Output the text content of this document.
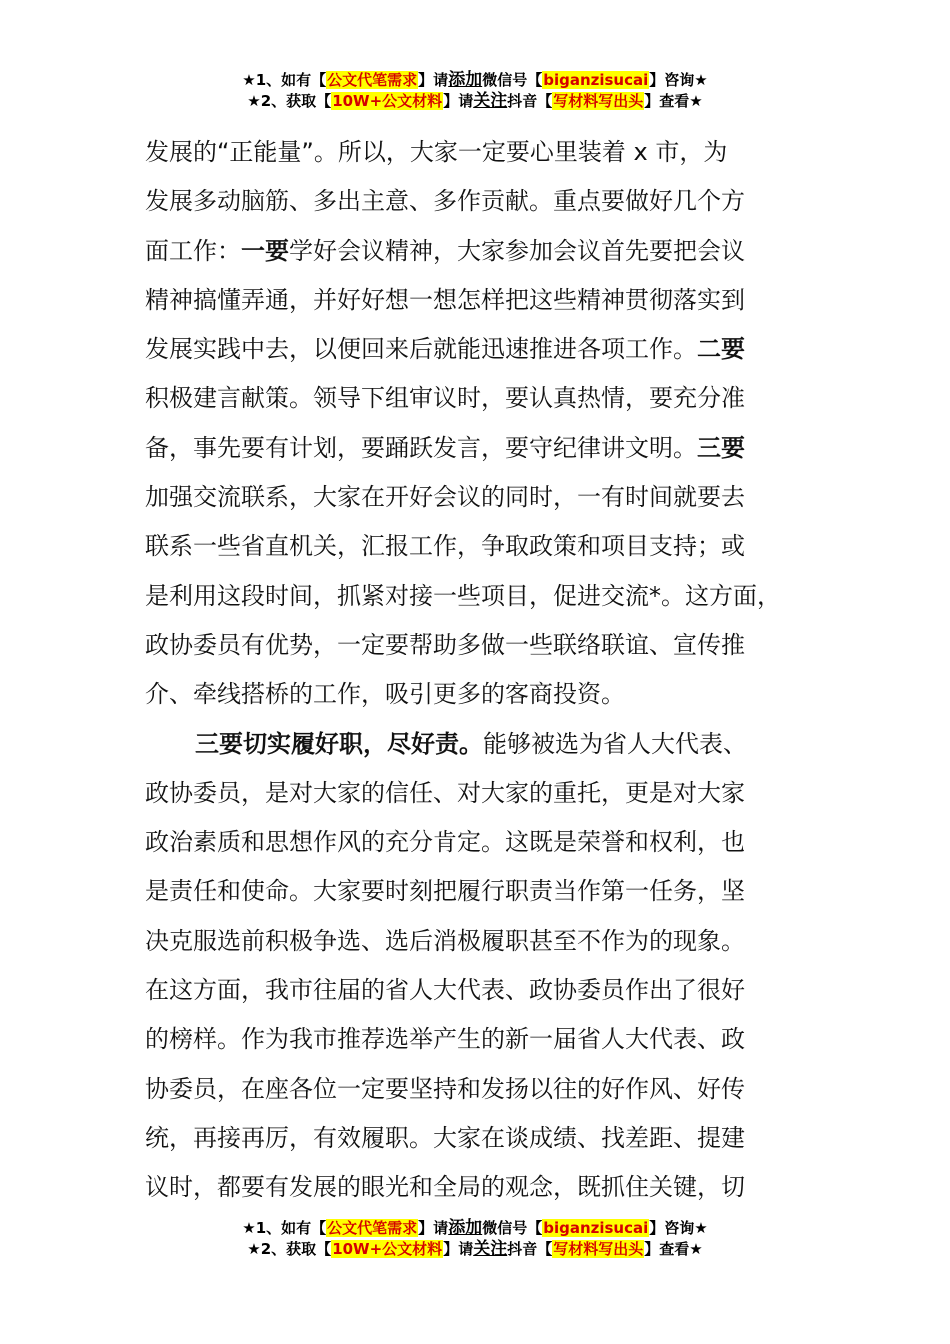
★1、如有【公文代笔需求】请添加微信号【biganzisucai】咨询★
★2、获取【10W+公文材料】请关注抖音【写材料写出头】查看★
发展的“正能量”。所以，大家一定要心里装着 x 市，为
发展多动脑筋、多出主意、多作贡献。重点要做好几个方
面工作：一要学好会议精神，大家参加会议首先要把会议
精神搞懂弄通，并好好想一想怎样把这些精神贯彻落实到
发展实践中去，以便回来后就能迅速推进各项工作。二要
积极建言献策。领导下组审议时，要认真热情，要充分准
备，事先要有计划，要踊跃发言，要守纪律讲文明。三要
加强交流联系，大家在开好会议的同时，一有时间就要去
联系一些省直机关，汇报工作，争取政策和项目支持；或
是利用这段时间，抓紧对接一些项目，促进交流*。这方面，
政协委员有优势，一定要帮助多做一些联络联谊、宣传推
介、牵线搭桥的工作，吸引更多的客商投资。
三要切实履好职，尽好责。能够被选为省人大代表、
政协委员，是对大家的信任、对大家的重托，更是对大家
政治素质和思想作风的充分肯定。这既是荣誉和权利，也
是责任和使命。大家要时刻把履行职责当作第一任务，坚
决克服选前积极争选、选后消极履职甚至不作为的现象。
在这方面，我市往届的省人大代表、政协委员作出了很好
的榜样。作为我市推荐选举产生的新一届省人大代表、政
协委员，在座各位一定要坚持和发扬以往的好作风、好传
统，再接再厉，有效履职。大家在谈成绩、找差距、提建
议时，都要有发展的眼光和全局的观念，既抓住关键，切
★1、如有【公文代笔需求】请添加微信号【biganzisucai】咨询★
★2、获取【10W+公文材料】请关注抖音【写材料写出头】查看★
